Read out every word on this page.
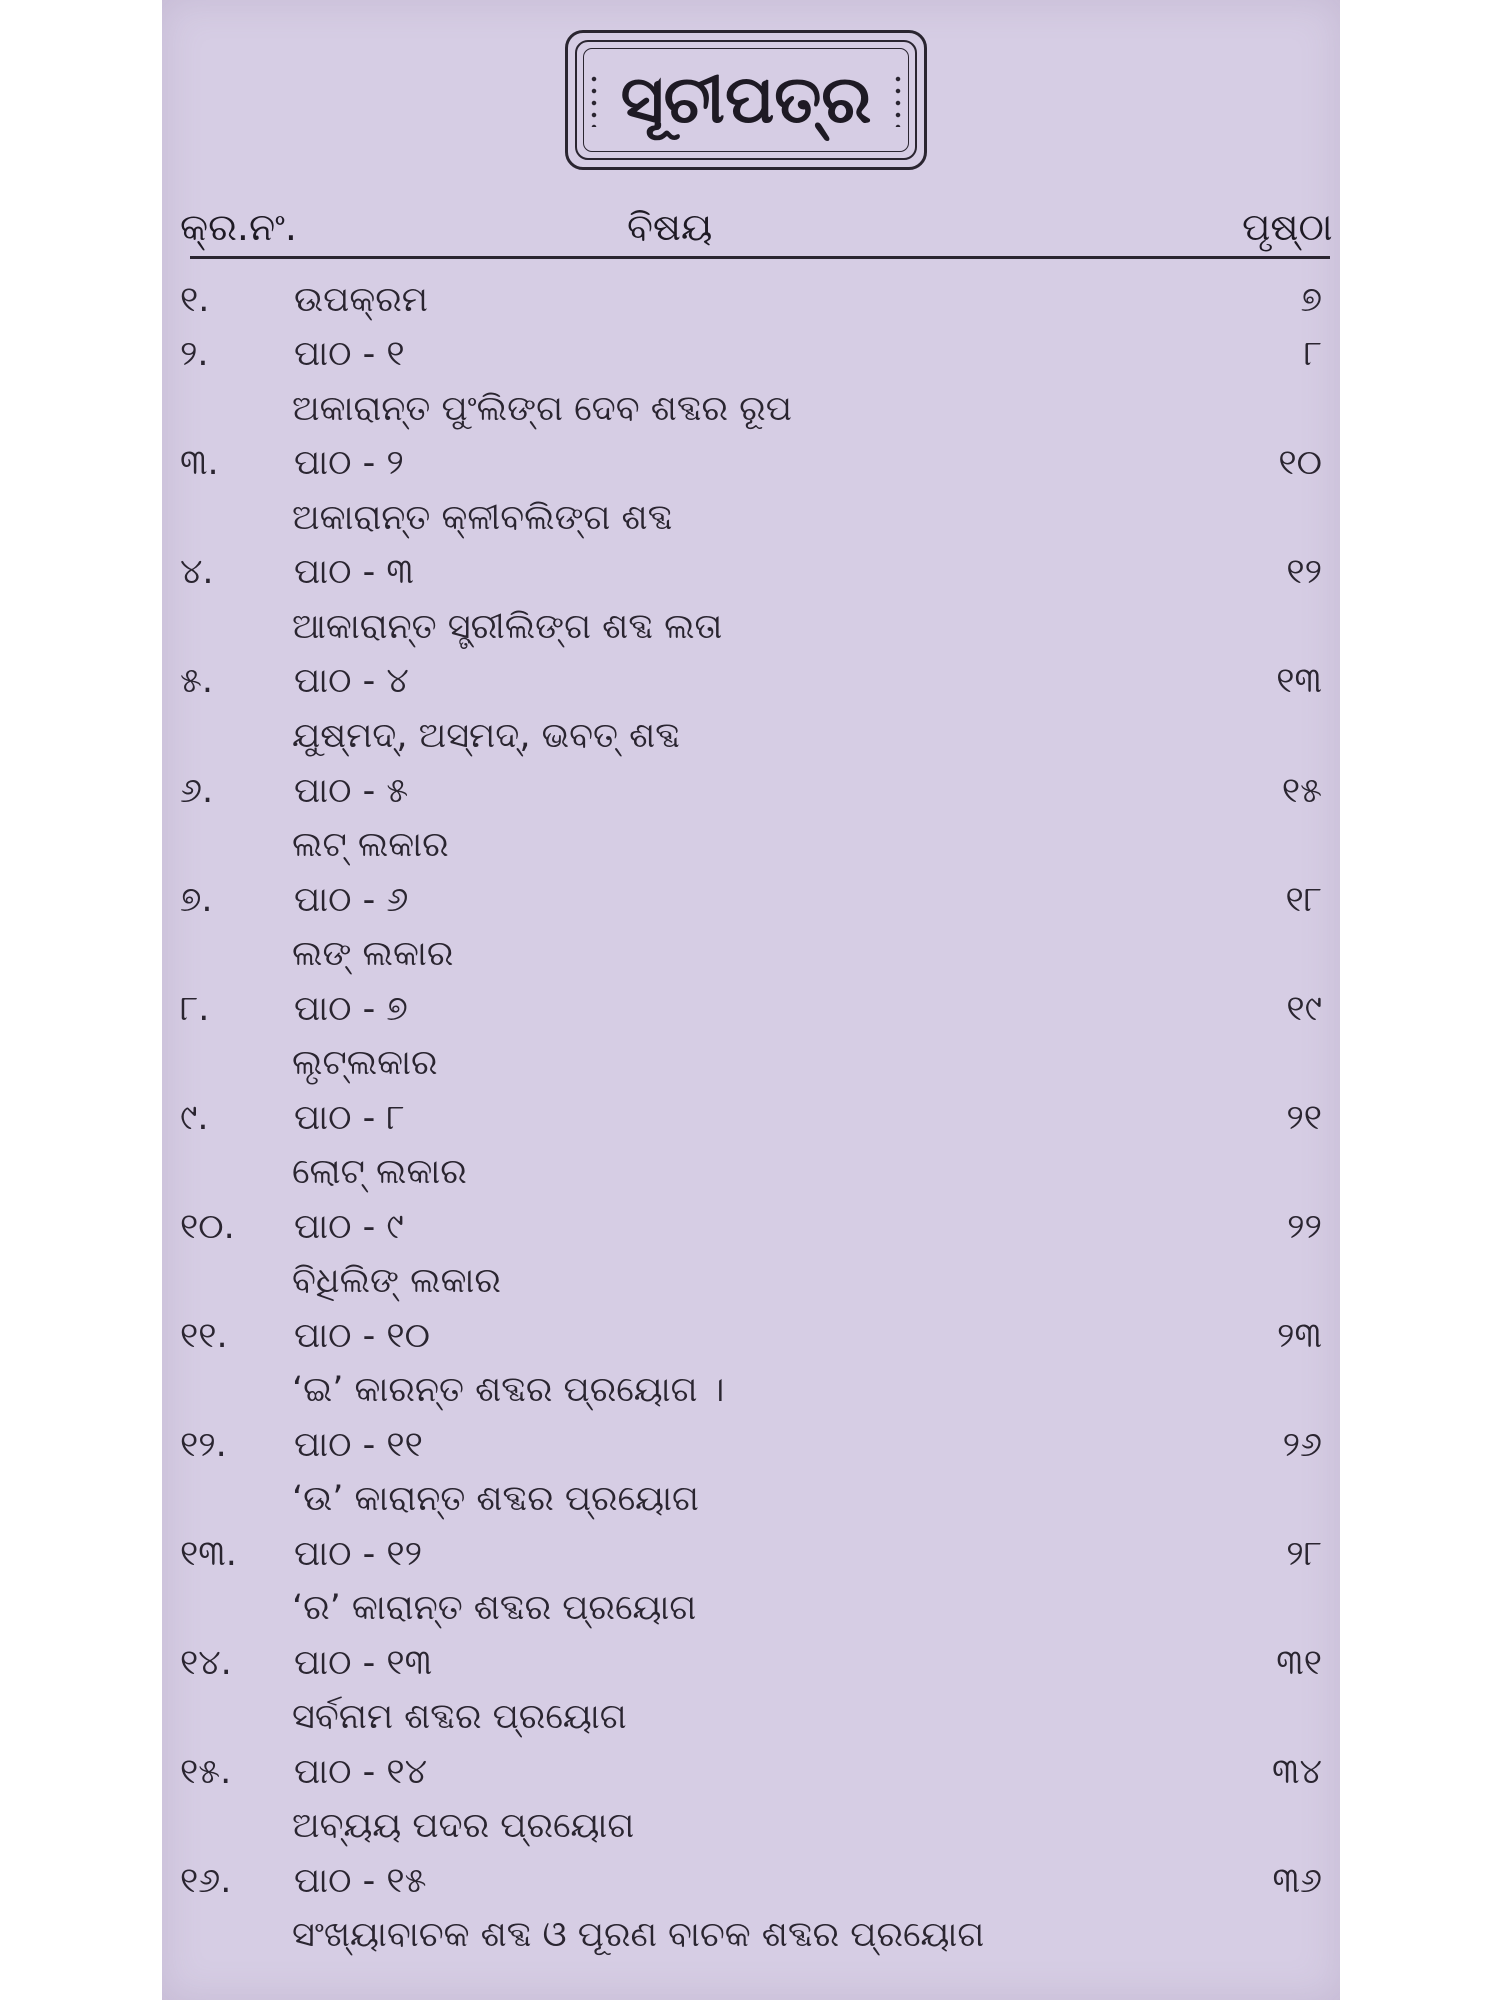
ସୂଚୀପତ୍ର
କ୍ର.ନଂ.	ବିଷୟ	ପୃଷ୍ଠା
୧. ଉପକ୍ରମ	୭
୨. ପାଠ - ୧	୮
ଅକାରାନ୍ତ ପୁଂଲିଙ୍ଗ ଦେବ ଶବ୍ଦର ରୂପ
୩. ପାଠ - ୨	୧୦
ଅକାରାନ୍ତ କ୍ଳୀବଲିଙ୍ଗ ଶବ୍ଦ
୪. ପାଠ - ୩	୧୨
ଆକାରାନ୍ତ ସ୍ତ୍ରୀଲିଙ୍ଗ ଶବ୍ଦ ଲତା
୫. ପାଠ - ୪	୧୩
ଯୁଷ୍ମଦ୍, ଅସ୍ମଦ୍, ଭବତ୍ ଶବ୍ଦ
୬. ପାଠ - ୫	୧୫
ଲଟ୍ ଲକାର
୭. ପାଠ - ୬	୧୮
ଲଙ୍ ଲକାର
୮. ପାଠ - ୭	୧୯
ଲୃଟ୍ଲକାର
୯. ପାଠ - ୮	୨୧
ଲୋଟ୍ ଲକାର
୧୦. ପାଠ - ୯	୨୨
ବିଧିଲିଙ୍ ଲକାର
୧୧. ପାଠ - ୧୦	୨୩
‘ଇ’ କାରନ୍ତ ଶବ୍ଦର ପ୍ରୟୋଗ ।
୧୨. ପାଠ - ୧୧	୨୬
‘ଉ’ କାରାନ୍ତ ଶବ୍ଦର ପ୍ରୟୋଗ
୧୩. ପାଠ - ୧୨	୨୮
‘ର’ କାରାନ୍ତ ଶବ୍ଦର ପ୍ରୟୋଗ
୧୪. ପାଠ - ୧୩	୩୧
ସର୍ବନାମ ଶବ୍ଦର ପ୍ରୟୋଗ
୧୫. ପାଠ - ୧୪	୩୪
ଅବ୍ୟୟ ପଦର ପ୍ରୟୋଗ
୧୬. ପାଠ - ୧୫	୩୬
ସଂଖ୍ୟାବାଚକ ଶବ୍ଦ ଓ ପୂରଣ ବାଚକ ଶବ୍ଦର ପ୍ରୟୋଗ
